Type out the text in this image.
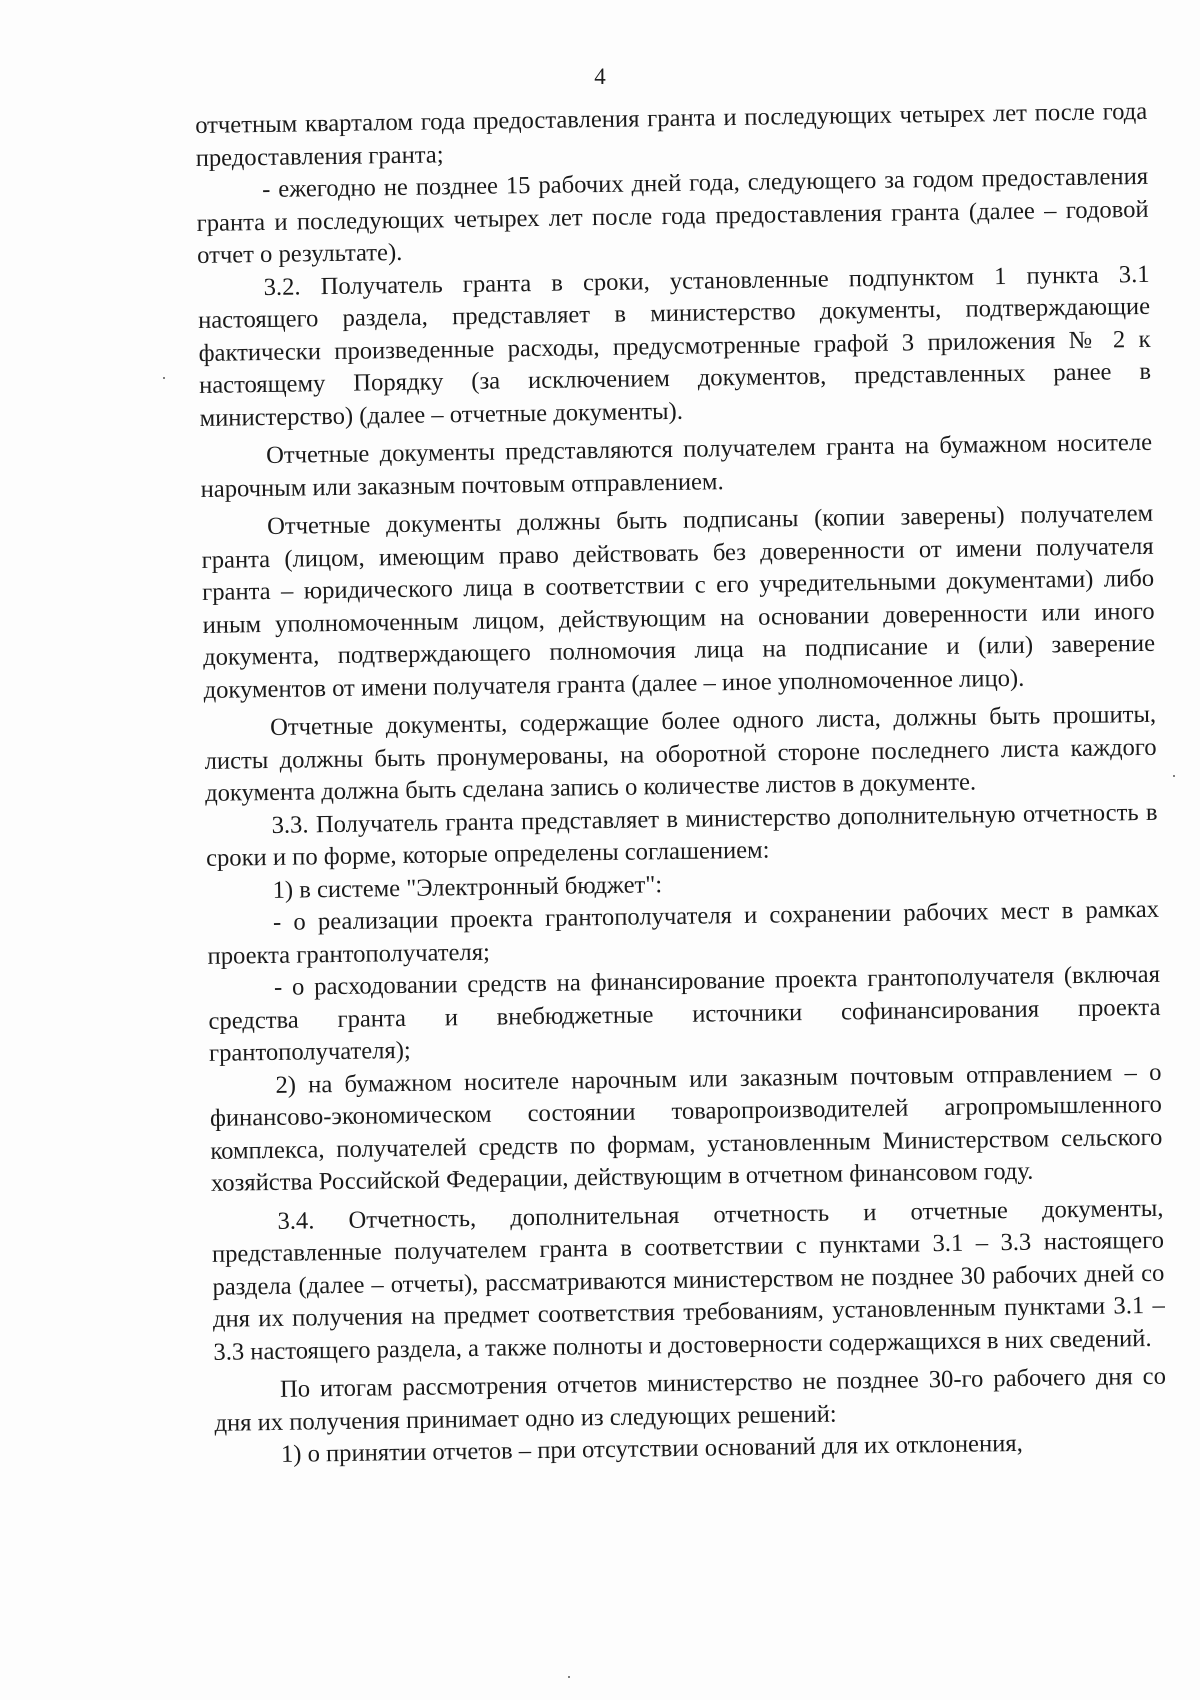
4

отчетным кварталом года предоставления гранта и последующих четырех лет после года предоставления гранта;

- ежегодно не позднее 15 рабочих дней года, следующего за годом предоставления гранта и последующих четырех лет после года предоставления гранта (далее – годовой отчет о результате).

3.2. Получатель гранта в сроки, установленные подпунктом 1 пункта 3.1 настоящего раздела, представляет в министерство документы, подтверждающие фактически произведенные расходы, предусмотренные графой 3 приложения № 2 к настоящему Порядку (за исключением документов, представленных ранее в министерство) (далее – отчетные документы).

Отчетные документы представляются получателем гранта на бумажном носителе нарочным или заказным почтовым отправлением.

Отчетные документы должны быть подписаны (копии заверены) получателем гранта (лицом, имеющим право действовать без доверенности от имени получателя гранта – юридического лица в соответствии с его учредительными документами) либо иным уполномоченным лицом, действующим на основании доверенности или иного документа, подтверждающего полномочия лица на подписание и (или) заверение документов от имени получателя гранта (далее – иное уполномоченное лицо).

Отчетные документы, содержащие более одного листа, должны быть прошиты, листы должны быть пронумерованы, на оборотной стороне последнего листа каждого документа должна быть сделана запись о количестве листов в документе.

3.3. Получатель гранта представляет в министерство дополнительную отчетность в сроки и по форме, которые определены соглашением:

1) в системе "Электронный бюджет":

- о реализации проекта грантополучателя и сохранении рабочих мест в рамках проекта грантополучателя;

- о расходовании средств на финансирование проекта грантополучателя (включая средства гранта и внебюджетные источники софинансирования проекта грантополучателя);

2) на бумажном носителе нарочным или заказным почтовым отправлением – о финансово-экономическом состоянии товаропроизводителей агропромышленного комплекса, получателей средств по формам, установленным Министерством сельского хозяйства Российской Федерации, действующим в отчетном финансовом году.

3.4. Отчетность, дополнительная отчетность и отчетные документы, представленные получателем гранта в соответствии с пунктами 3.1 – 3.3 настоящего раздела (далее – отчеты), рассматриваются министерством не позднее 30 рабочих дней со дня их получения на предмет соответствия требованиям, установленным пунктами 3.1 – 3.3 настоящего раздела, а также полноты и достоверности содержащихся в них сведений.

По итогам рассмотрения отчетов министерство не позднее 30-го рабочего дня со дня их получения принимает одно из следующих решений:

1) о принятии отчетов – при отсутствии оснований для их отклонения,
